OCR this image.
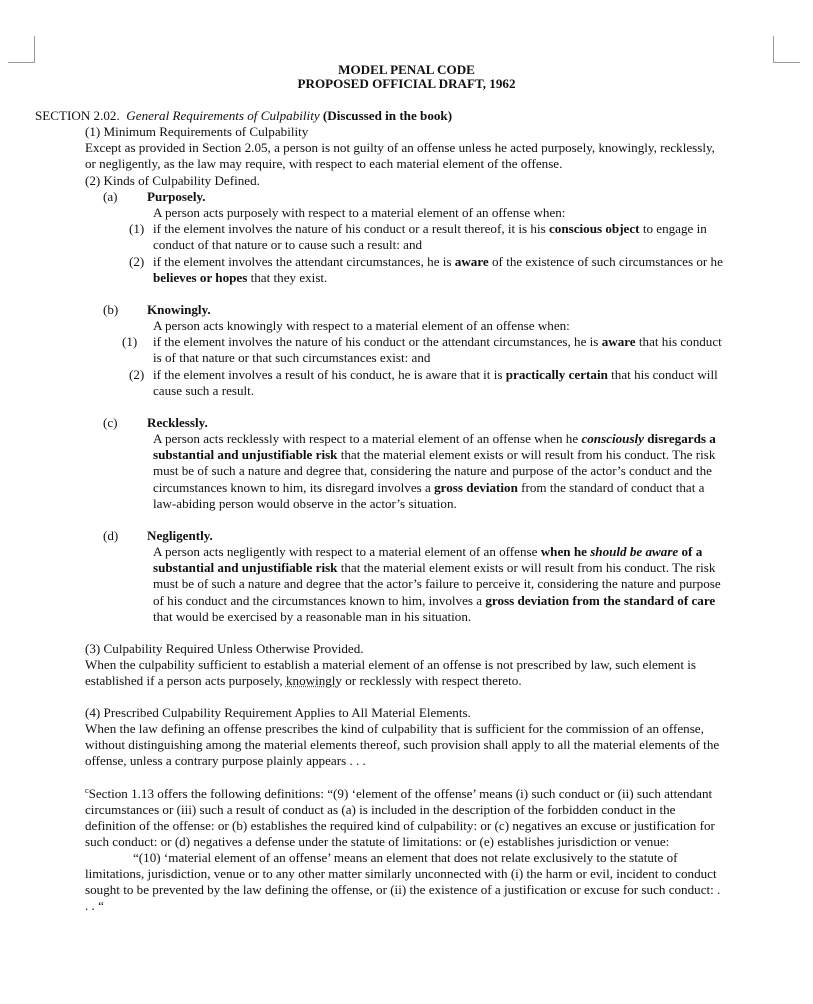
MODEL PENAL CODE
PROPOSED OFFICIAL DRAFT, 1962
SECTION 2.02. General Requirements of Culpability (Discussed in the book)
(1) Minimum Requirements of Culpability
Except as provided in Section 2.05, a person is not guilty of an offense unless he acted purposely, knowingly, recklessly,
or negligently, as the law may require, with respect to each material element of the offense.
(2) Kinds of Culpability Defined.
(a) Purposely.
A person acts purposely with respect to a material element of an offense when:
(1) if the element involves the nature of his conduct or a result thereof, it is his conscious object to engage in
conduct of that nature or to cause such a result: and
(2) if the element involves the attendant circumstances, he is aware of the existence of such circumstances or he
believes or hopes that they exist.
(b) Knowingly.
A person acts knowingly with respect to a material element of an offense when:
(1) if the element involves the nature of his conduct or the attendant circumstances, he is aware that his conduct
is of that nature or that such circumstances exist: and
(2) if the element involves a result of his conduct, he is aware that it is practically certain that his conduct will
cause such a result.
(c) Recklessly.
A person acts recklessly with respect to a material element of an offense when he consciously disregards a
substantial and unjustifiable risk that the material element exists or will result from his conduct. The risk
must be of such a nature and degree that, considering the nature and purpose of the actor’s conduct and the
circumstances known to him, its disregard involves a gross deviation from the standard of conduct that a
law-abiding person would observe in the actor’s situation.
(d) Negligently.
A person acts negligently with respect to a material element of an offense when he should be aware of a
substantial and unjustifiable risk that the material element exists or will result from his conduct. The risk
must be of such a nature and degree that the actor’s failure to perceive it, considering the nature and purpose
of his conduct and the circumstances known to him, involves a gross deviation from the standard of care
that would be exercised by a reasonable man in his situation.
(3) Culpability Required Unless Otherwise Provided.
When the culpability sufficient to establish a material element of an offense is not prescribed by law, such element is
established if a person acts purposely, knowingly or recklessly with respect thereto.
(4) Prescribed Culpability Requirement Applies to All Material Elements.
When the law defining an offense prescribes the kind of culpability that is sufficient for the commission of an offense,
without distinguishing among the material elements thereof, such provision shall apply to all the material elements of the
offense, unless a contrary purpose plainly appears . . .
$^c$Section 1.13 offers the following definitions: “(9) ‘element of the offense’ means (i) such conduct or (ii) such attendant
circumstances or (iii) such a result of conduct as (a) is included in the description of the forbidden conduct in the
definition of the offense: or (b) establishes the required kind of culpability: or (c) negatives an excuse or justification for
such conduct: or (d) negatives a defense under the statute of limitations: or (e) establishes jurisdiction or venue:
“(10) ‘material element of an offense’ means an element that does not relate exclusively to the statute of
limitations, jurisdiction, venue or to any other matter similarly unconnected with (i) the harm or evil, incident to conduct
sought to be prevented by the law defining the offense, or (ii) the existence of a justification or excuse for such conduct: .
. . “
